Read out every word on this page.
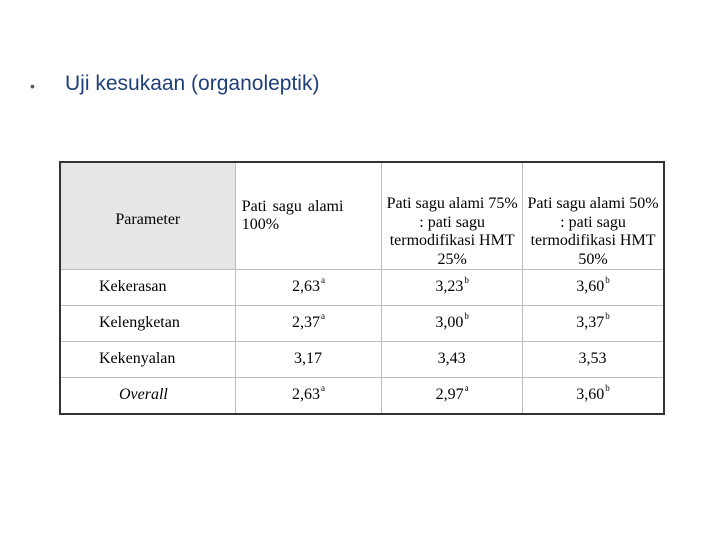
• Uji kesukaan (organoleptik)
Parameter	Pati sagu alami 100%	Pati sagu alami 75% : pati sagu termodifikasi HMT 25%	Pati sagu alami 50% : pati sagu termodifikasi HMT 50%
Kekerasan	2,63$^a$	3,23$^b$	3,60$^b$
Kelengketan	2,37$^a$	3,00$^b$	3,37$^b$
Kekenyalan	3,17	3,43	3,53
Overall	2,63$^a$	2,97$^a$	3,60$^b$
